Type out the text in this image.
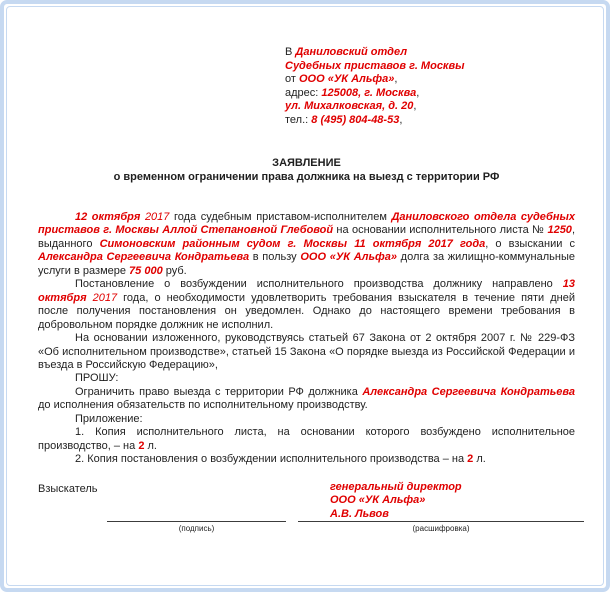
В Даниловский отдел
Судебных приставов г. Москвы
от ООО «УК Альфа»,
адрес: 125008, г. Москва,
ул. Михалковская, д. 20,
тел.: 8 (495) 804-48-53,
ЗАЯВЛЕНИЕ
о временном ограничении права должника на выезд с территории РФ

12 октября 2017 года судебным приставом-исполнителем Даниловского отдела судебных приставов г. Москвы Аллой Степановной Глебовой на основании исполнительного листа № 1250, выданного Симоновским районным судом г. Москвы 11 октября 2017 года, о взыскании с Александра Сергеевича Кондратьева в пользу ООО «УК Альфа» долга за жилищно-коммунальные услуги в размере 75 000 руб.

Постановление о возбуждении исполнительного производства должнику направлено 13 октября 2017 года, о необходимости удовлетворить требования взыскателя в течение пяти дней после получения постановления он уведомлен. Однако до настоящего времени требования в добровольном порядке должник не исполнил.

На основании изложенного, руководствуясь статьей 67 Закона от 2 октября 2007 г. № 229-ФЗ «Об исполнительном производстве», статьей 15 Закона «О порядке выезда из Российской Федерации и въезда в Российскую Федерацию»,

ПРОШУ:

Ограничить право выезда с территории РФ должника Александра Сергеевича Кондратьева до исполнения обязательств по исполнительному производству.

Приложение:

1. Копия исполнительного листа, на основании которого возбуждено исполнительное производство, – на 2 л.

2. Копия постановления о возбуждении исполнительного производства – на 2 л.

Взыскатель	генеральный директор
ООО «УК Альфа»
А.В. Львов
(подпись)	(расшифровка)
